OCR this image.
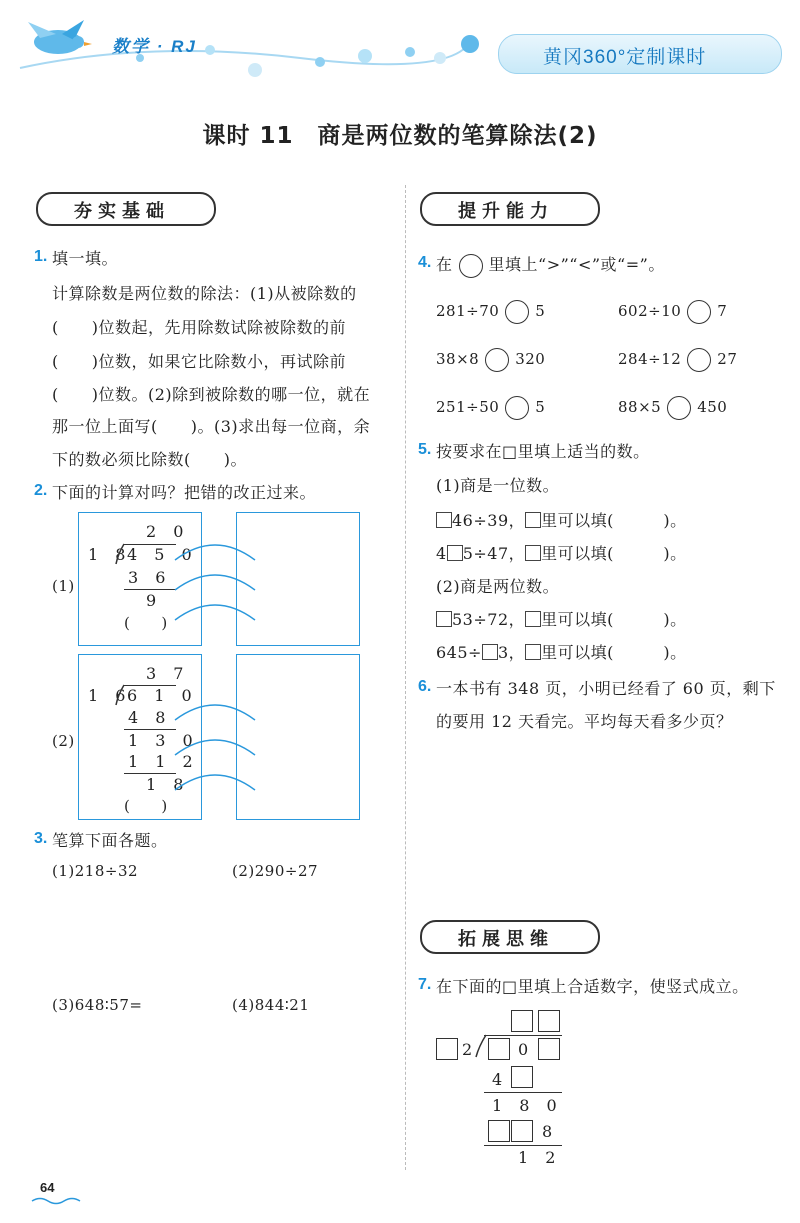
数学 · RJ
黄冈360°定制课时
课时 11　商是两位数的笔算除法(2)
夯实基础	提升能力
拓展思维
1. 填一填。
计算除数是两位数的除法：(1)从被除数的
(　　)位数起，先用除数试除被除数的前
(　　)位数，如果它比除数小，再试除前
(　　)位数。(2)除到被除数的哪一位，就在
那一位上面写(　　)。(3)求出每一位商，余
下的数必须比除数(　　)。
2. 下面的计算对吗？把错的改正过来。
(1)
2 0
1 8
4 5 0
3 6
9
(　　)
(2)
3 7
1 6
6 1 0
4 8
1 3 0
1 1 2
1 8
(　　)
3. 笔算下面各题。
(1)218÷32	(2)290÷27
(3)648∶57=	(4)844∶21
4. 在 里填上“>”“<”或“=”。
281÷70 5	602÷10 7
38×8 320	284÷12 27
251÷50 5	88×5 450
5. 按要求在□里填上适当的数。
(1)商是一位数。
46÷39， 里可以填(　　　)。
4 5÷47， 里可以填(　　　)。
(2)商是两位数。
53÷72， 里可以填(　　　)。
645÷ 3， 里可以填(　　　)。
6. 一本书有 348 页，小明已经看了 60 页，剩下
的要用 12 天看完。平均每天看多少页？
7. 在下面的□里填上合适数字，使竖式成立。
2 0
4
1 8 0
8
1 2
64
